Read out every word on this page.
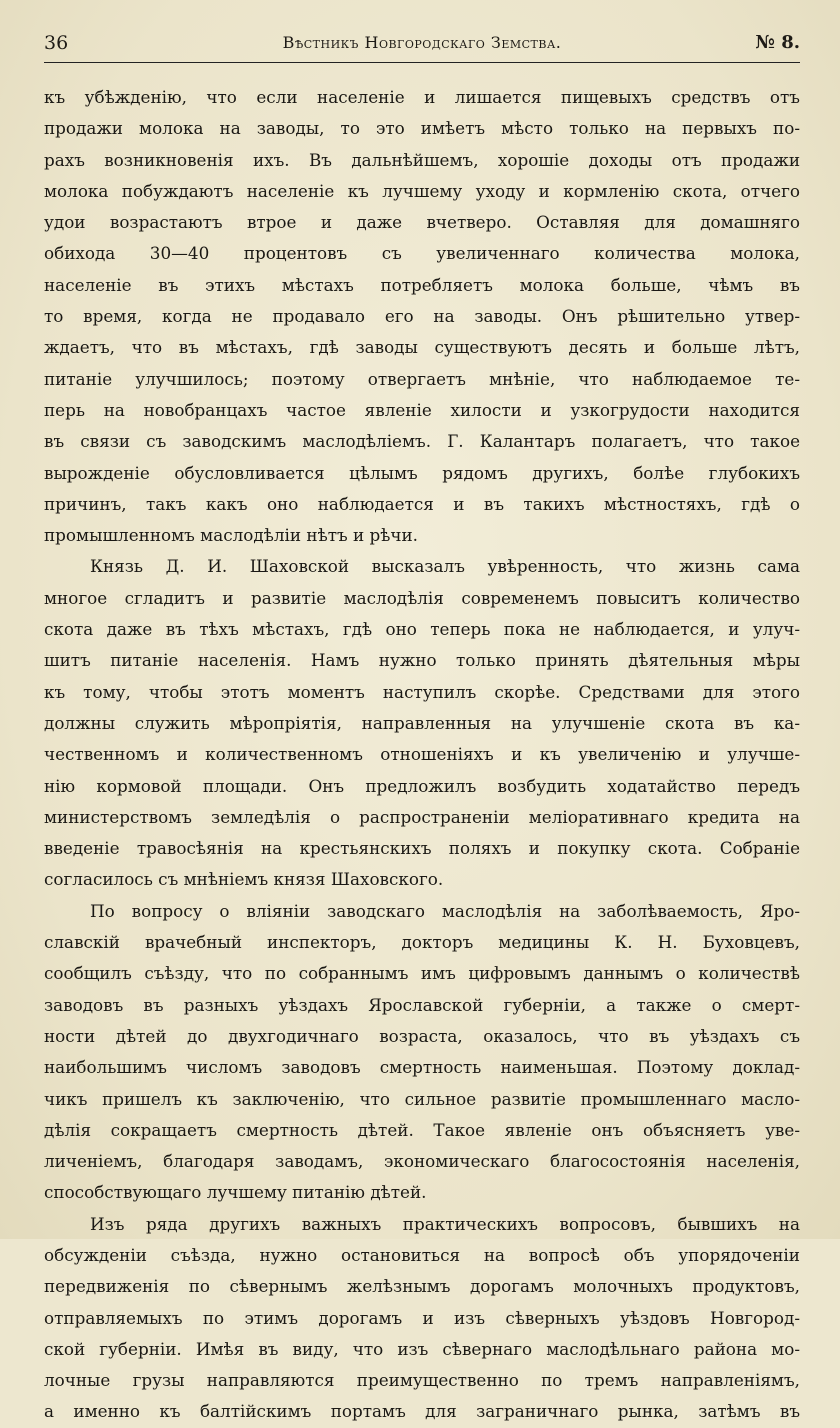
36	Вѣстникъ Новгородскаго Земства.	№ 8.
къ убѣжденію, что если населеніе и лишается пищевыхъ средствъ отъ
продажи молока на заводы, то это имѣетъ мѣсто только на первыхъ по-
рахъ возникновенія ихъ. Въ дальнѣйшемъ, хорошіе доходы отъ продажи
молока побуждаютъ населеніе къ лучшему уходу и кормленію скота, отчего
удои возрастаютъ втрое и даже вчетверо. Оставляя для домашняго
обихода 30—40 процентовъ съ увеличеннаго количества молока,
населеніе въ этихъ мѣстахъ потребляетъ молока больше, чѣмъ въ
то время, когда не продавало его на заводы. Онъ рѣшительно утвер-
ждаетъ, что въ мѣстахъ, гдѣ заводы существуютъ десять и больше лѣтъ,
питаніе улучшилось; поэтому отвергаетъ мнѣніе, что наблюдаемое те-
перь на новобранцахъ частое явленіе хилости и узкогрудости находится
въ связи съ заводскимъ маслодѣліемъ. Г. Калантаръ полагаетъ, что такое
вырожденіе обусловливается цѣлымъ рядомъ другихъ, болѣе глубокихъ
причинъ, такъ какъ оно наблюдается и въ такихъ мѣстностяхъ, гдѣ о
промышленномъ маслодѣліи нѣтъ и рѣчи.
Князь Д. И. Шаховской высказалъ увѣренность, что жизнь сама
многое сгладитъ и развитіе маслодѣлія современемъ повыситъ количество
скота даже въ тѣхъ мѣстахъ, гдѣ оно теперь пока не наблюдается, и улуч-
шитъ питаніе населенія. Намъ нужно только принять дѣятельныя мѣры
къ тому, чтобы этотъ моментъ наступилъ скорѣе. Средствами для этого
должны служить мѣропріятія, направленныя на улучшеніе скота въ ка-
чественномъ и количественномъ отношеніяхъ и къ увеличенію и улучше-
нію кормовой площади. Онъ предложилъ возбудить ходатайство передъ
министерствомъ земледѣлія о распространеніи меліоративнаго кредита на
введеніе травосѣянія на крестьянскихъ поляхъ и покупку скота. Собраніе
согласилось съ мнѣніемъ князя Шаховского.
По вопросу о вліяніи заводскаго маслодѣлія на заболѣваемость, Яро-
славскій врачебный инспекторъ, докторъ медицины К. Н. Буховцевъ,
сообщилъ съѣзду, что по собраннымъ имъ цифровымъ даннымъ о количествѣ
заводовъ въ разныхъ уѣздахъ Ярославской губерніи, а также о смерт-
ности дѣтей до двухгодичнаго возраста, оказалось, что въ уѣздахъ съ
наибольшимъ числомъ заводовъ смертность наименьшая. Поэтому доклад-
чикъ пришелъ къ заключенію, что сильное развитіе промышленнаго масло-
дѣлія сокращаетъ смертность дѣтей. Такое явленіе онъ объясняетъ уве-
личеніемъ, благодаря заводамъ, экономическаго благосостоянія населенія,
способствующаго лучшему питанію дѣтей.
Изъ ряда другихъ важныхъ практическихъ вопросовъ, бывшихъ на
обсужденіи съѣзда, нужно остановиться на вопросѣ объ упорядоченіи
передвиженія по сѣвернымъ желѣзнымъ дорогамъ молочныхъ продуктовъ,
отправляемыхъ по этимъ дорогамъ и изъ сѣверныхъ уѣздовъ Новгород-
ской губерніи. Имѣя въ виду, что изъ сѣвернаго маслодѣльнаго района мо-
лочные грузы направляются преимущественно по тремъ направленіямъ,
а именно къ балтійскимъ портамъ для заграничнаго рынка, затѣмъ въ
